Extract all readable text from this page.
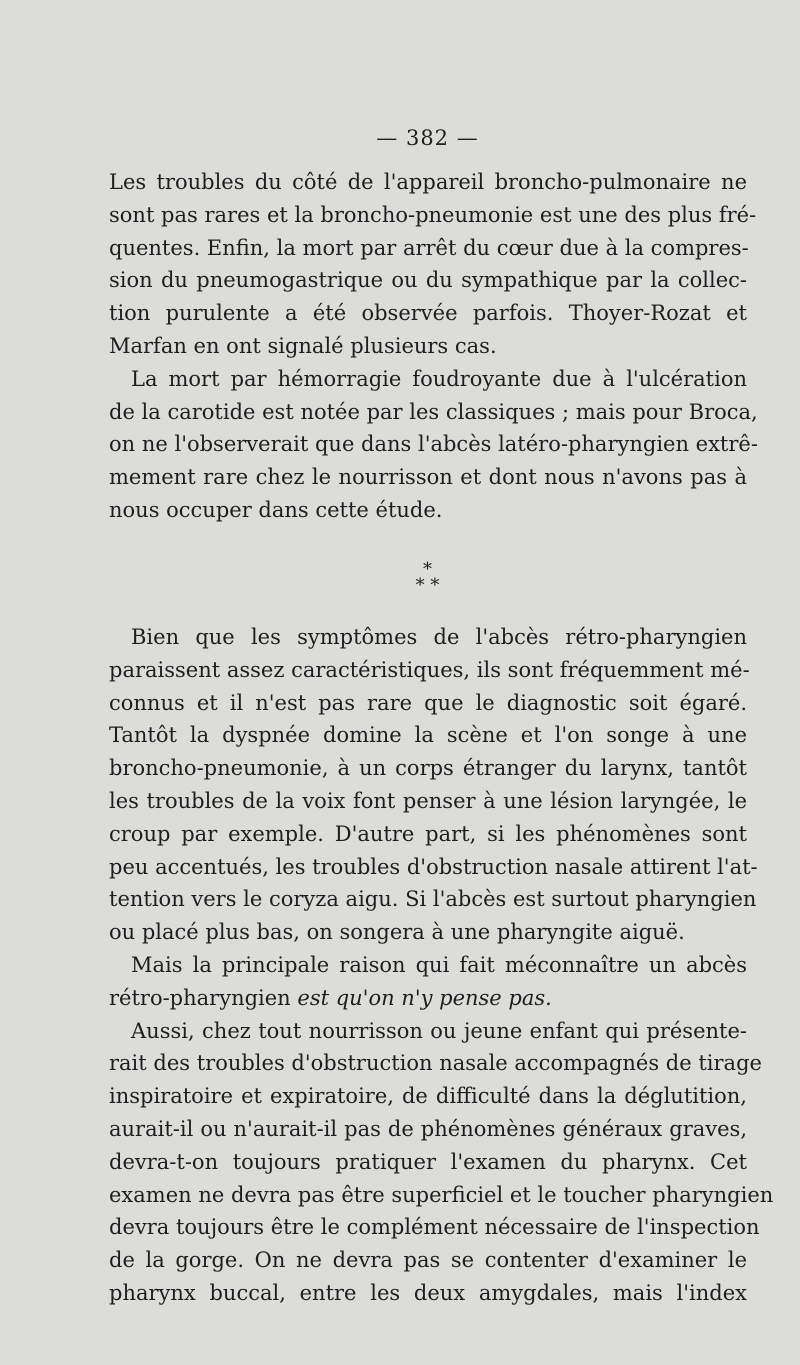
— 382 —
Les troubles du côté de l'appareil broncho-pulmonaire ne
sont pas rares et la broncho-pneumonie est une des plus fré-
quentes. Enfin, la mort par arrêt du cœur due à la compres-
sion du pneumogastrique ou du sympathique par la collec-
tion purulente a été observée parfois. Thoyer-Rozat et
Marfan en ont signalé plusieurs cas.
La mort par hémorragie foudroyante due à l'ulcération
de la carotide est notée par les classiques ; mais pour Broca,
on ne l'observerait que dans l'abcès latéro-pharyngien extrê-
mement rare chez le nourrisson et dont nous n'avons pas à
nous occuper dans cette étude.
*
* *
Bien que les symptômes de l'abcès rétro-pharyngien
paraissent assez caractéristiques, ils sont fréquemment mé-
connus et il n'est pas rare que le diagnostic soit égaré.
Tantôt la dyspnée domine la scène et l'on songe à une
broncho-pneumonie, à un corps étranger du larynx, tantôt
les troubles de la voix font penser à une lésion laryngée, le
croup par exemple. D'autre part, si les phénomènes sont
peu accentués, les troubles d'obstruction nasale attirent l'at-
tention vers le coryza aigu. Si l'abcès est surtout pharyngien
ou placé plus bas, on songera à une pharyngite aiguë.
Mais la principale raison qui fait méconnaître un abcès
rétro-pharyngien est qu'on n'y pense pas.
Aussi, chez tout nourrisson ou jeune enfant qui présente-
rait des troubles d'obstruction nasale accompagnés de tirage
inspiratoire et expiratoire, de difficulté dans la déglutition,
aurait-il ou n'aurait-il pas de phénomènes généraux graves,
devra-t-on toujours pratiquer l'examen du pharynx. Cet
examen ne devra pas être superficiel et le toucher pharyngien
devra toujours être le complément nécessaire de l'inspection
de la gorge. On ne devra pas se contenter d'examiner le
pharynx buccal, entre les deux amygdales, mais l'index
